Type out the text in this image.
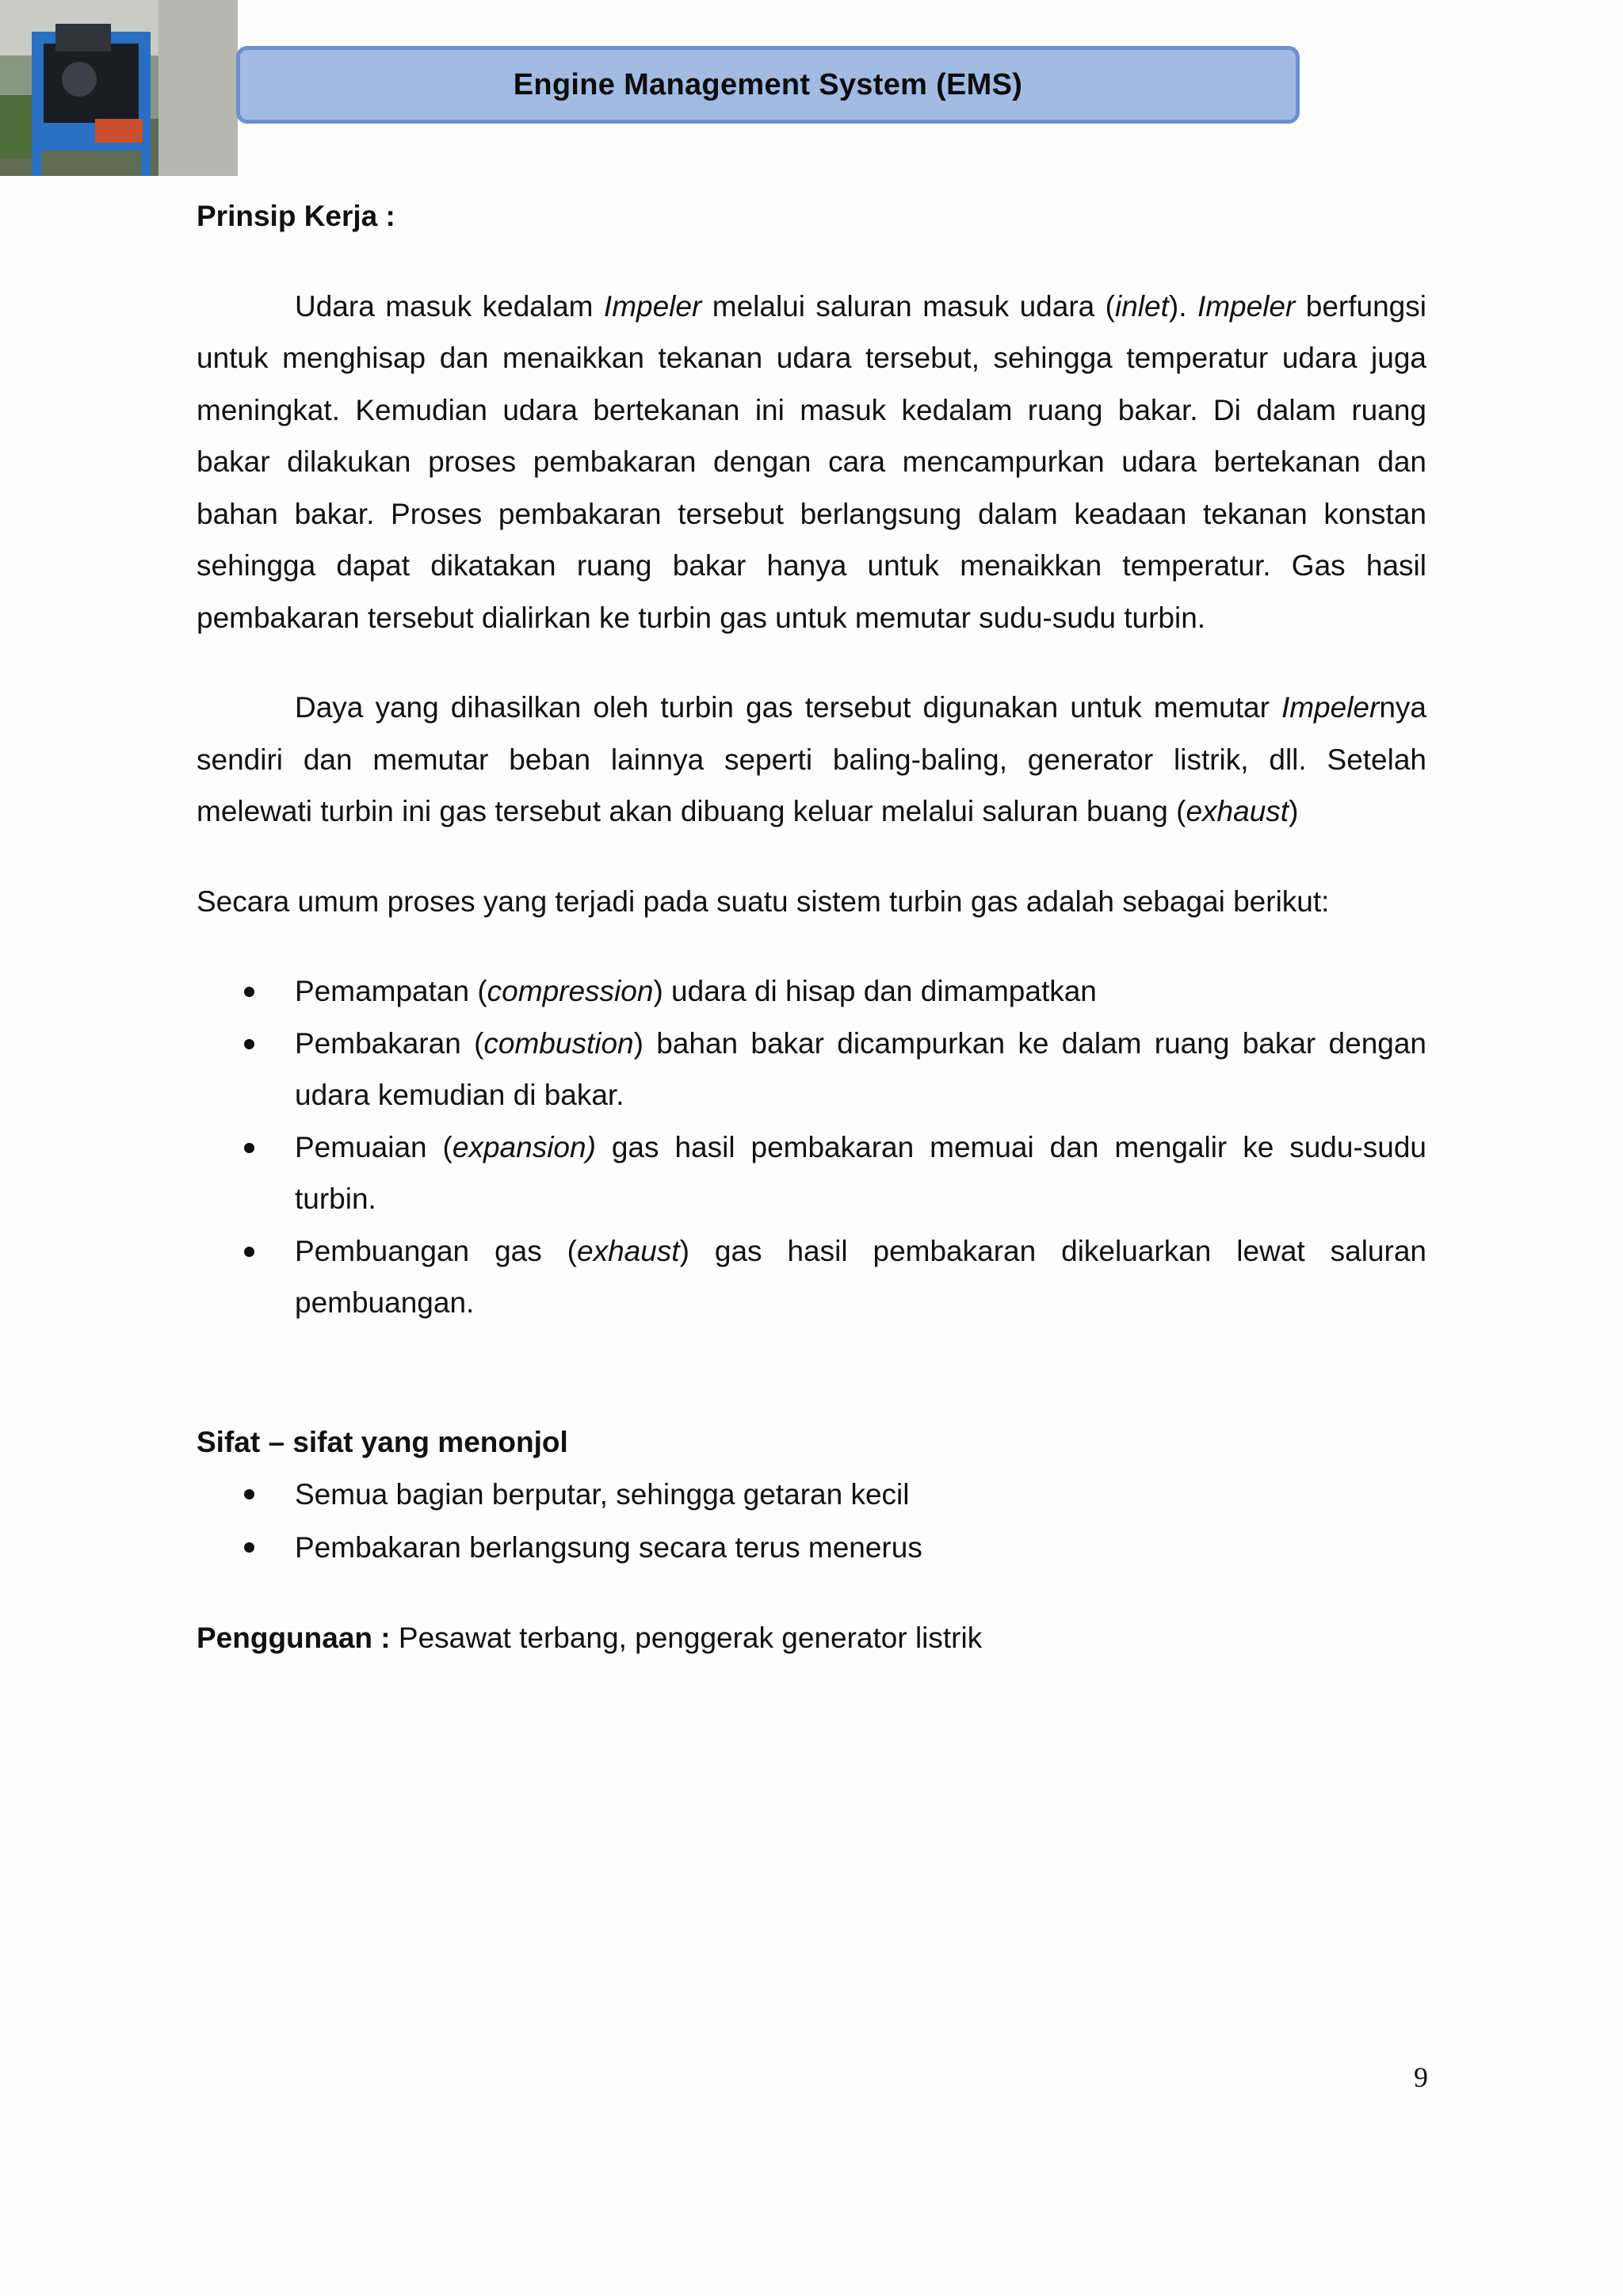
Engine Management System (EMS)

Prinsip Kerja :

Udara masuk kedalam Impeler melalui saluran masuk udara (inlet). Impeler berfungsi untuk menghisap dan menaikkan tekanan udara tersebut, sehingga temperatur udara juga meningkat. Kemudian udara bertekanan ini masuk kedalam ruang bakar. Di dalam ruang bakar dilakukan proses pembakaran dengan cara mencampurkan udara bertekanan dan bahan bakar. Proses pembakaran tersebut berlangsung dalam keadaan tekanan konstan sehingga dapat dikatakan ruang bakar hanya untuk menaikkan temperatur. Gas hasil pembakaran tersebut dialirkan ke turbin gas untuk memutar sudu-sudu turbin.

Daya yang dihasilkan oleh turbin gas tersebut digunakan untuk memutar Impelernya sendiri dan memutar beban lainnya seperti baling-baling, generator listrik, dll. Setelah melewati turbin ini gas tersebut akan dibuang keluar melalui saluran buang (exhaust)

Secara umum proses yang terjadi pada suatu sistem turbin gas adalah sebagai berikut:

Pemampatan (compression) udara di hisap dan dimampatkan
Pembakaran (combustion) bahan bakar dicampurkan ke dalam ruang bakar dengan udara kemudian di bakar.
Pemuaian (expansion) gas hasil pembakaran memuai dan mengalir ke sudu-sudu turbin.
Pembuangan gas (exhaust) gas hasil pembakaran dikeluarkan lewat saluran pembuangan.

Sifat – sifat yang menonjol

Semua bagian berputar, sehingga getaran kecil
Pembakaran berlangsung secara terus menerus

Penggunaan : Pesawat terbang, penggerak generator listrik

9
